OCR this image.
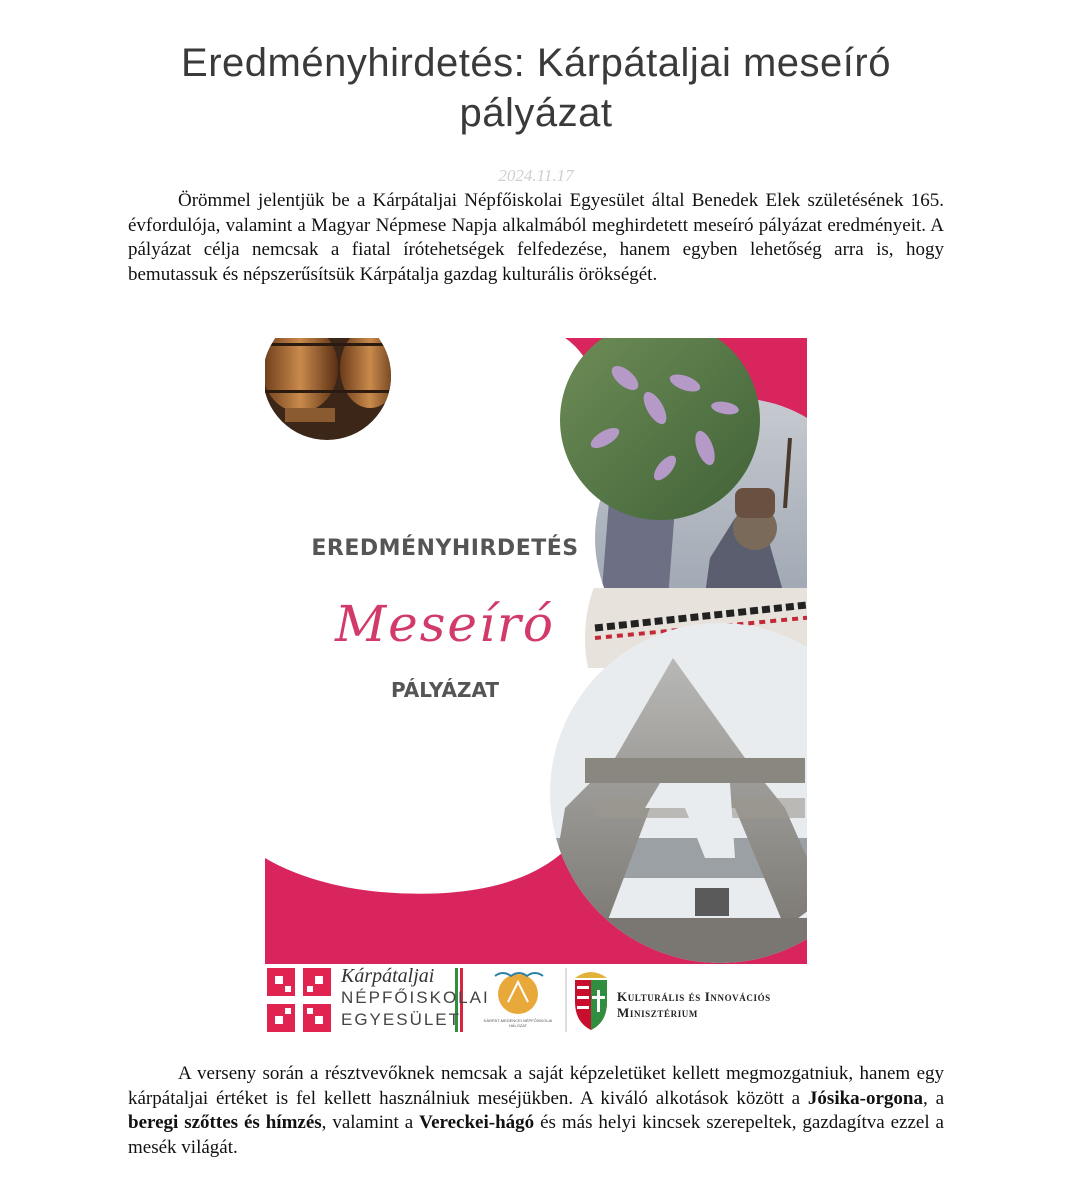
Eredményhirdetés: Kárpátaljai meseíró
pályázat
2024.11.17

Örömmel jelentjük be a Kárpátaljai Népfőiskolai Egyesület által Benedek Elek születésének 165. évfordulója, valamint a Magyar Népmese Napja alkalmából meghirdetett meseíró pályázat eredményeit. A pályázat célja nemcsak a fiatal írótehetségek felfedezése, hanem egyben lehetőség arra is, hogy bemutassuk és népszerűsítsük Kárpátalja gazdag kulturális örökségét.

EREDMÉNYHIRDETÉS
Meseíró
PÁLYÁZAT
Kárpátaljai
NÉPFŐISKOLAI
EGYESÜLET	KÁRPÁT-MEDENCEI NÉPFŐISKOLAI HÁLÓZAT
Kulturális és Innovációs
Minisztérium

A verseny során a résztvevőknek nemcsak a saját képzeletüket kellett megmozgatniuk, hanem egy kárpátaljai értéket is fel kellett használniuk meséjükben. A kiváló alkotások között a Jósika-orgona, a beregi szőttes és hímzés, valamint a Vereckei-hágó és más helyi kincsek szerepeltek, gazdagítva ezzel a mesék világát.
